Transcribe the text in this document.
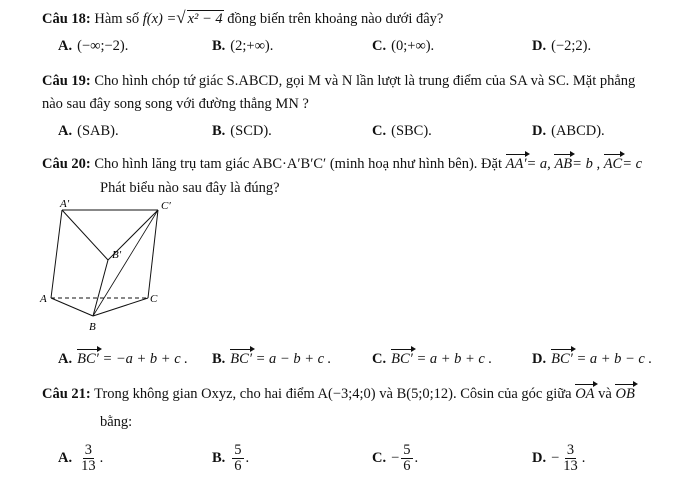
Câu 18: Hàm số f(x) =√ x² − 4 đồng biến trên khoảng nào dưới đây?
A. (−∞;−2).	B. (2;+∞).	C. (0;+∞).	D. (−2;2).
Câu 19: Cho hình chóp tứ giác S.ABCD, gọi M và N lần lượt là trung điểm của SA và SC. Mặt phẳng
nào sau đây song song với đường thẳng MN ?
A. (SAB).	B. (SCD).	C. (SBC).	D. (ABCD).
Câu 20: Cho hình lăng trụ tam giác ABC·A′B′C′ (minh hoạ như hình bên). Đặt AA′= a, AB= b , AC= c
Phát biểu nào sau đây là đúng?
A′	C′
B′
A	C
B
A. BC′ = −a + b + c . B. BC′ = a − b + c .	C. BC′ = a + b + c .	D. BC′ = a + b − c .
Câu 21: Trong không gian Oxyz, cho hai điểm A(−3;4;0) và B(5;0;12). Côsin của góc giữa OA và OB
bằng:
A. $\frac{3}{13}$ .	B. $\frac{5}{6}$ .	C. − $\frac{5}{6}$ .	D. − $\frac{3}{13}$ .
